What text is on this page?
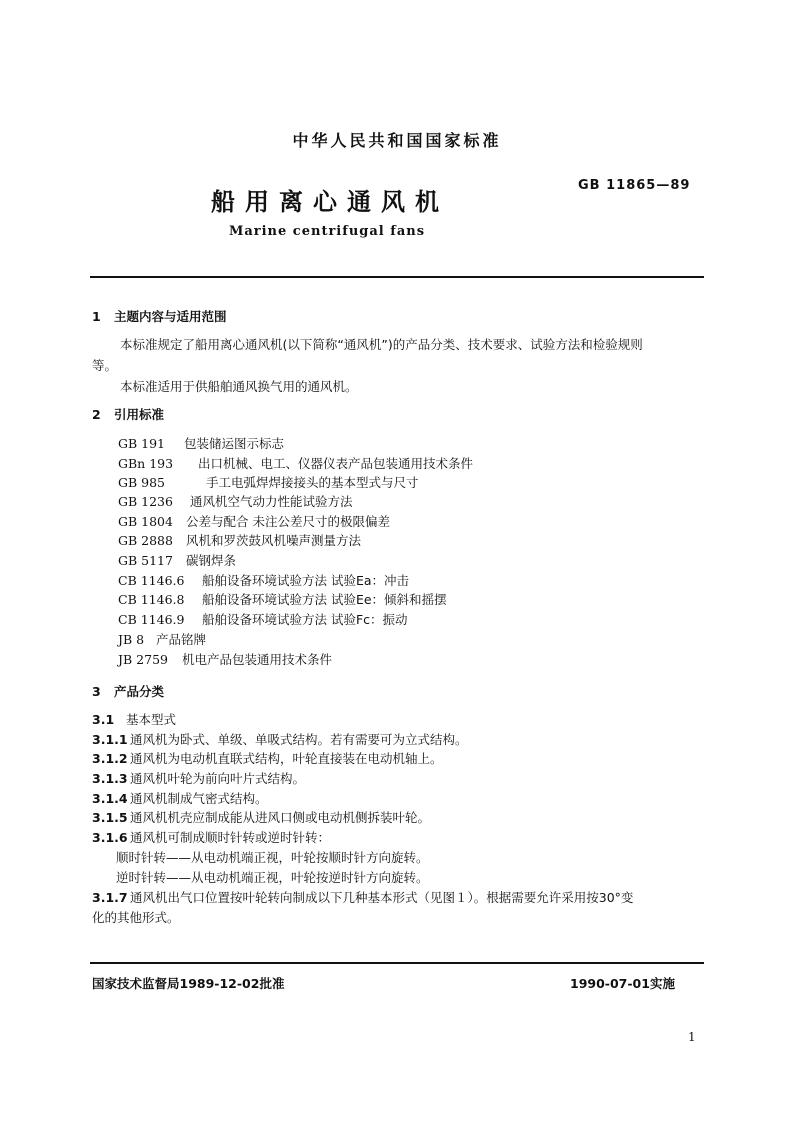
中华人民共和国国家标准
船用离心通风机
GB 11865—89
Marine centrifugal fans
1 主题内容与适用范围
本标准规定了船用离心通风机(以下简称“通风机”)的产品分类、技术要求、试验方法和检验规则
等。
本标准适用于供船舶通风换气用的通风机。
2 引用标准
GB 191 包装储运图示标志
GBn 193 出口机械、电工、仪器仪表产品包装通用技术条件
GB 985	手工电弧焊焊接接头的基本型式与尺寸
GB 1236 通风机空气动力性能试验方法
GB 1804 公差与配合 未注公差尺寸的极限偏差
GB 2888 风机和罗茨鼓风机噪声测量方法
GB 5117 碳钢焊条
CB 1146.6 船舶设备环境试验方法 试验Ea：冲击
CB 1146.8 船舶设备环境试验方法 试验Ee：倾斜和摇摆
CB 1146.9 船舶设备环境试验方法 试验Fc：振动
JB 8 产品铭牌
JB 2759 机电产品包装通用技术条件
3 产品分类
3.1 基本型式
3.1.1 通风机为卧式、单级、单吸式结构。若有需要可为立式结构。
3.1.2 通风机为电动机直联式结构，叶轮直接装在电动机轴上。
3.1.3 通风机叶轮为前向叶片式结构。
3.1.4 通风机制成气密式结构。
3.1.5 通风机机壳应制成能从进风口侧或电动机侧拆装叶轮。
3.1.6 通风机可制成顺时针转或逆时针转：
顺时针转——从电动机端正视，叶轮按顺时针方向旋转。
逆时针转——从电动机端正视，叶轮按逆时针方向旋转。
3.1.7 通风机出气口位置按叶轮转向制成以下几种基本形式（见图１）。根据需要允许采用按30°变
化的其他形式。
国家技术监督局1989-12-02批准	1990-07-01实施
1
